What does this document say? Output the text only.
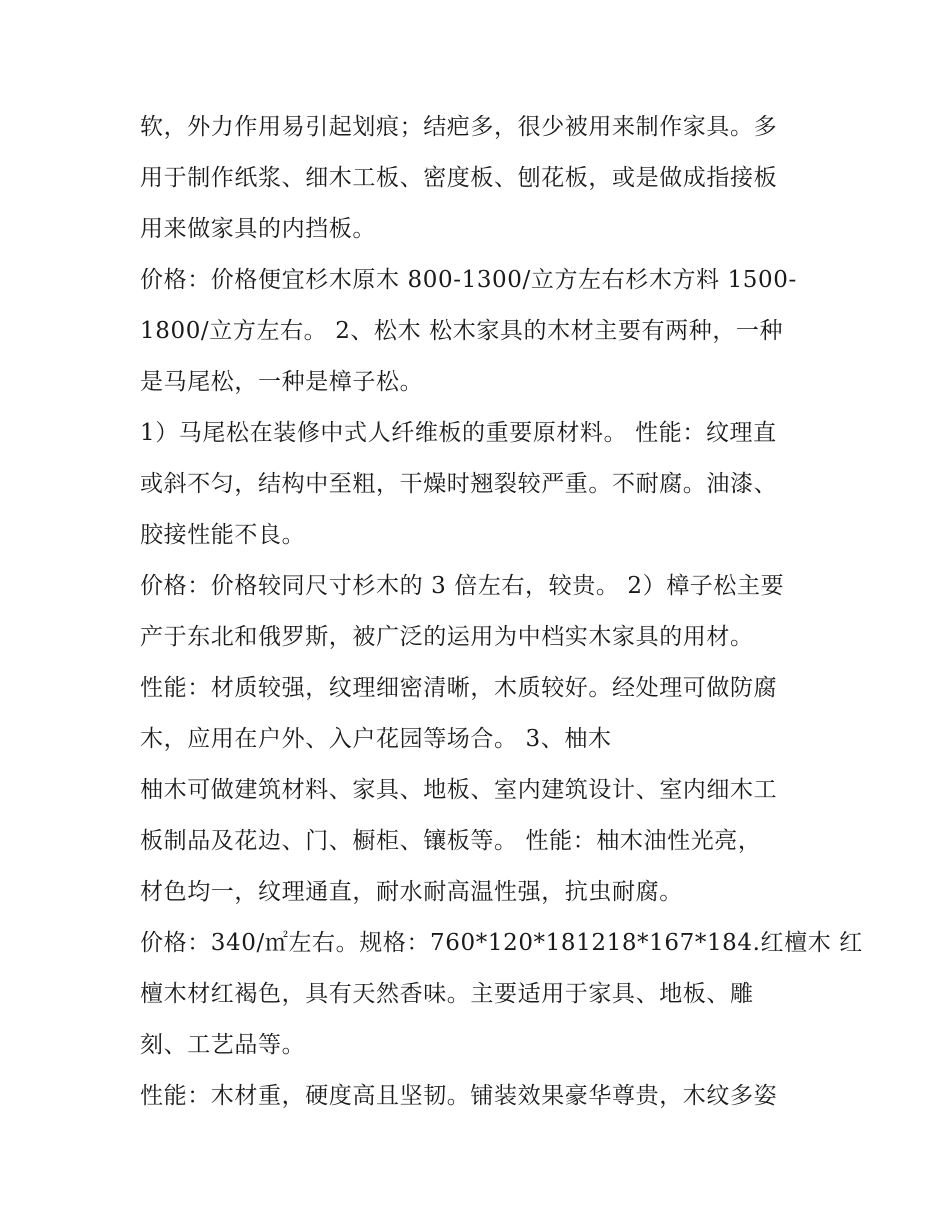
软，外力作用易引起划痕；结疤多，很少被用来制作家具。多
用于制作纸浆、细木工板、密度板、刨花板，或是做成指接板
用来做家具的内挡板。
价格：价格便宜杉木原木 800-1300/立方左右杉木方料 1500-
1800/立方左右。 2、松木 松木家具的木材主要有两种，一种
是马尾松，一种是樟子松。
1）马尾松在装修中式人纤维板的重要原材料。 性能：纹理直
或斜不匀，结构中至粗，干燥时翘裂较严重。不耐腐。油漆、
胶接性能不良。
价格：价格较同尺寸杉木的 3 倍左右，较贵。 2）樟子松主要
产于东北和俄罗斯，被广泛的运用为中档实木家具的用材。
性能：材质较强，纹理细密清晰，木质较好。经处理可做防腐
木，应用在户外、入户花园等场合。 3、柚木
柚木可做建筑材料、家具、地板、室内建筑设计、室内细木工
板制品及花边、门、橱柜、镶板等。 性能：柚木油性光亮，
材色均一，纹理通直，耐水耐高温性强，抗虫耐腐。
价格：340/㎡左右。规格：760*120*181218*167*184.红檀木 红
檀木材红褐色，具有天然香味。主要适用于家具、地板、雕
刻、工艺品等。
性能：木材重，硬度高且坚韧。铺装效果豪华尊贵，木纹多姿
